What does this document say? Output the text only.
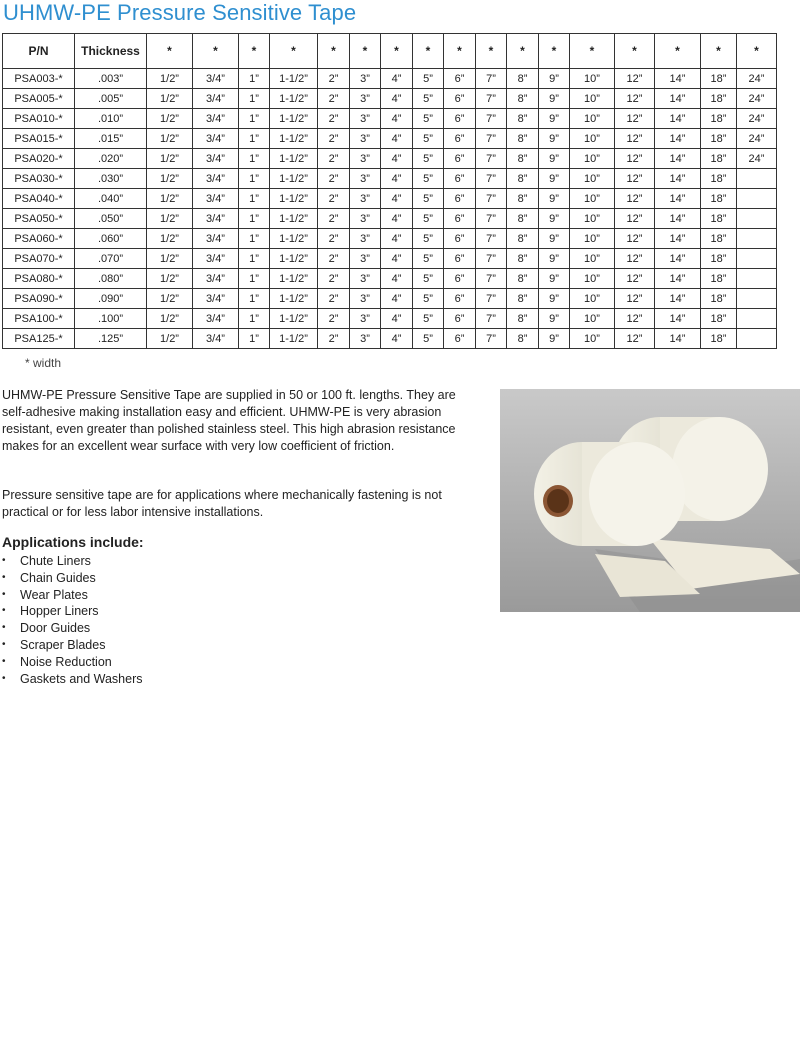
UHMW-PE Pressure Sensitive Tape
P/N	Thickness	*	*	*	*	*	*	*	*	*	*	*	*	*	*	*	*	*
PSA003-*	.003”	1/2”	3/4”	1”	1-1/2”	2”	3”	4”	5”	6”	7”	8”	9”	10”	12”	14”	18”	24”
PSA005-*	.005”	1/2”	3/4”	1”	1-1/2”	2”	3”	4”	5”	6”	7”	8”	9”	10”	12”	14”	18”	24”
PSA010-*	.010”	1/2”	3/4”	1”	1-1/2”	2”	3”	4”	5”	6”	7”	8”	9”	10”	12”	14”	18”	24”
PSA015-*	.015”	1/2”	3/4”	1”	1-1/2”	2”	3”	4”	5”	6”	7”	8”	9”	10”	12”	14”	18”	24”
PSA020-*	.020”	1/2”	3/4”	1”	1-1/2”	2”	3”	4”	5”	6”	7”	8”	9”	10”	12”	14”	18”	24”
PSA030-*	.030”	1/2”	3/4”	1”	1-1/2”	2”	3”	4”	5”	6”	7”	8”	9”	10”	12”	14”	18”	
PSA040-*	.040”	1/2”	3/4”	1”	1-1/2”	2”	3”	4”	5”	6”	7”	8”	9”	10”	12”	14”	18”	
PSA050-*	.050”	1/2”	3/4”	1”	1-1/2”	2”	3”	4”	5”	6”	7”	8”	9”	10”	12”	14”	18”	
PSA060-*	.060”	1/2”	3/4”	1”	1-1/2”	2”	3”	4”	5”	6”	7”	8”	9”	10”	12”	14”	18”	
PSA070-*	.070”	1/2”	3/4”	1”	1-1/2”	2”	3”	4”	5”	6”	7”	8”	9”	10”	12”	14”	18”	
PSA080-*	.080”	1/2”	3/4”	1”	1-1/2”	2”	3”	4”	5”	6”	7”	8”	9”	10”	12”	14”	18”	
PSA090-*	.090”	1/2”	3/4”	1”	1-1/2”	2”	3”	4”	5”	6”	7”	8”	9”	10”	12”	14”	18”	
PSA100-*	.100”	1/2”	3/4”	1”	1-1/2”	2”	3”	4”	5”	6”	7”	8”	9”	10”	12”	14”	18”	
PSA125-*	.125”	1/2”	3/4”	1”	1-1/2”	2”	3”	4”	5”	6”	7”	8”	9”	10”	12”	14”	18”	
* width
UHMW-PE Pressure Sensitive Tape are supplied in 50 or 100 ft. lengths. They are self-adhesive making installation easy and efficient. UHMW-PE is very abrasion resistant, even greater than polished stainless steel. This high abrasion resistance makes for an excellent wear surface with very low coefficient of friction.
Pressure sensitive tape are for applications where mechanically fastening is not practical or for less labor intensive installations.
Applications include:
•	Chute Liners
•	Chain Guides
•	Wear Plates
•	Hopper Liners
•	Door Guides
•	Scraper Blades
•	Noise Reduction
•	Gaskets and Washers
